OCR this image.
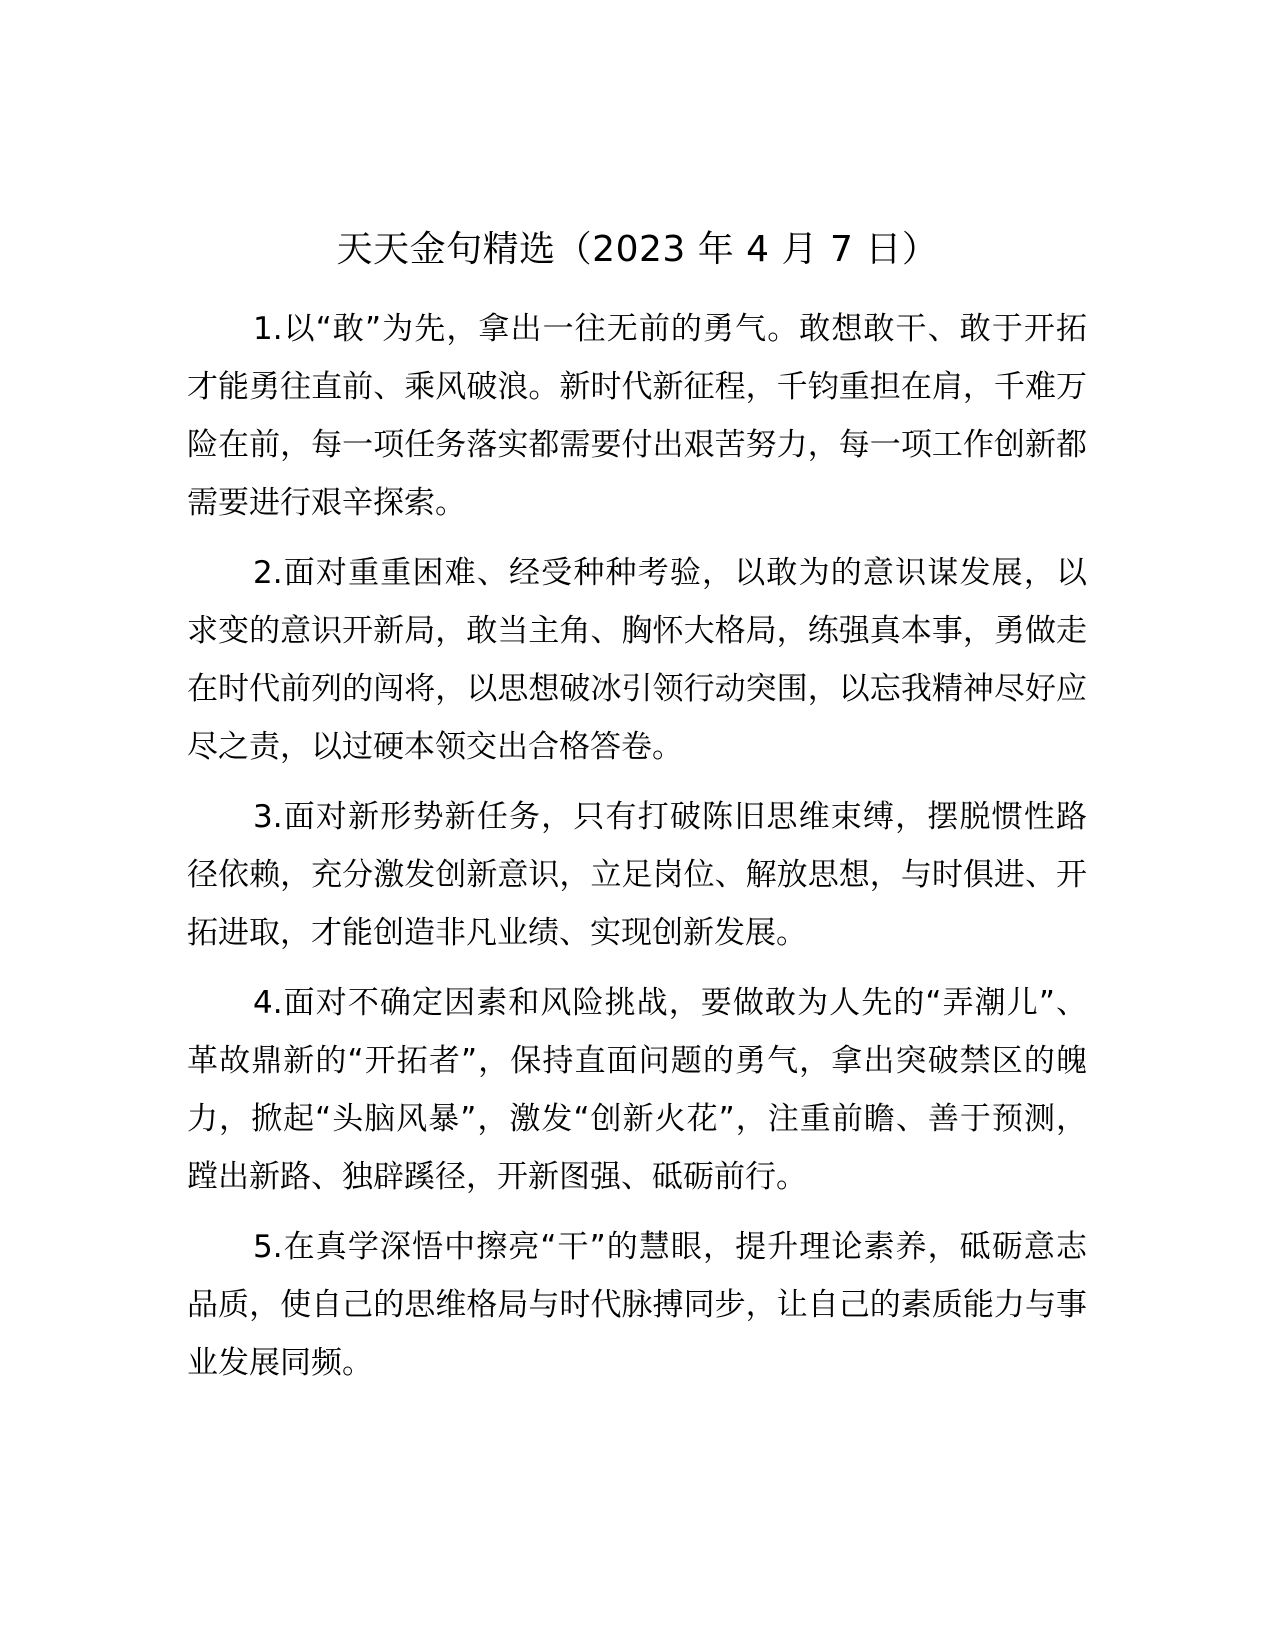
天天金句精选（2023 年 4 月 7 日）

1.以“敢”为先，拿出一往无前的勇气。敢想敢干、敢于开拓才能勇往直前、乘风破浪。新时代新征程，千钧重担在肩，千难万险在前，每一项任务落实都需要付出艰苦努力，每一项工作创新都需要进行艰辛探索。

2.面对重重困难、经受种种考验，以敢为的意识谋发展，以求变的意识开新局，敢当主角、胸怀大格局，练强真本事，勇做走在时代前列的闯将，以思想破冰引领行动突围，以忘我精神尽好应尽之责，以过硬本领交出合格答卷。

3.面对新形势新任务，只有打破陈旧思维束缚，摆脱惯性路径依赖，充分激发创新意识，立足岗位、解放思想，与时俱进、开拓进取，才能创造非凡业绩、实现创新发展。

4.面对不确定因素和风险挑战，要做敢为人先的“弄潮儿”、革故鼎新的“开拓者”，保持直面问题的勇气，拿出突破禁区的魄力，掀起“头脑风暴”，激发“创新火花”，注重前瞻、善于预测，蹚出新路、独辟蹊径，开新图强、砥砺前行。

5.在真学深悟中擦亮“干”的慧眼，提升理论素养，砥砺意志品质，使自己的思维格局与时代脉搏同步，让自己的素质能力与事业发展同频。
